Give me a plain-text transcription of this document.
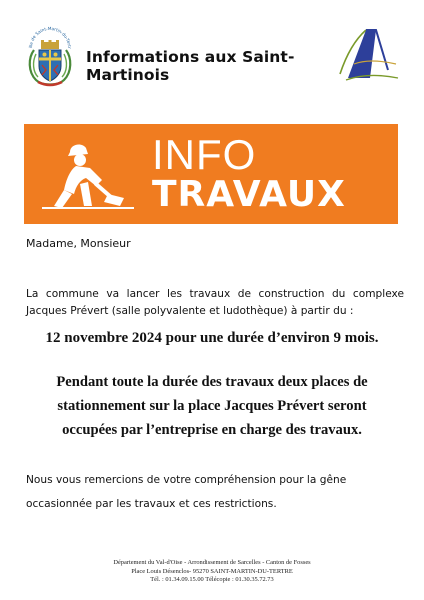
ille de Saint-Martin-du-Tertr
Informations aux Saint-Martinois
INFO
TRAVAUX
Madame, Monsieur
La commune va lancer les travaux de construction du complexe Jacques Prévert (salle polyvalente et ludothèque) à partir du :
12 novembre 2024 pour une durée d’environ 9 mois.
Pendant toute la durée des travaux deux places de stationnement sur la place Jacques Prévert seront occupées par l’entreprise en charge des travaux.
Nous vous remercions de votre compréhension pour la gêne occasionnée par les travaux et ces restrictions.
Département du Val-d'Oise - Arrondissement de Sarcelles - Canton de Fosses
Place Louis Désenclos- 95270 SAINT-MARTIN-DU-TERTRE
Tél. : 01.34.09.15.00 Télécopie : 01.30.35.72.73
